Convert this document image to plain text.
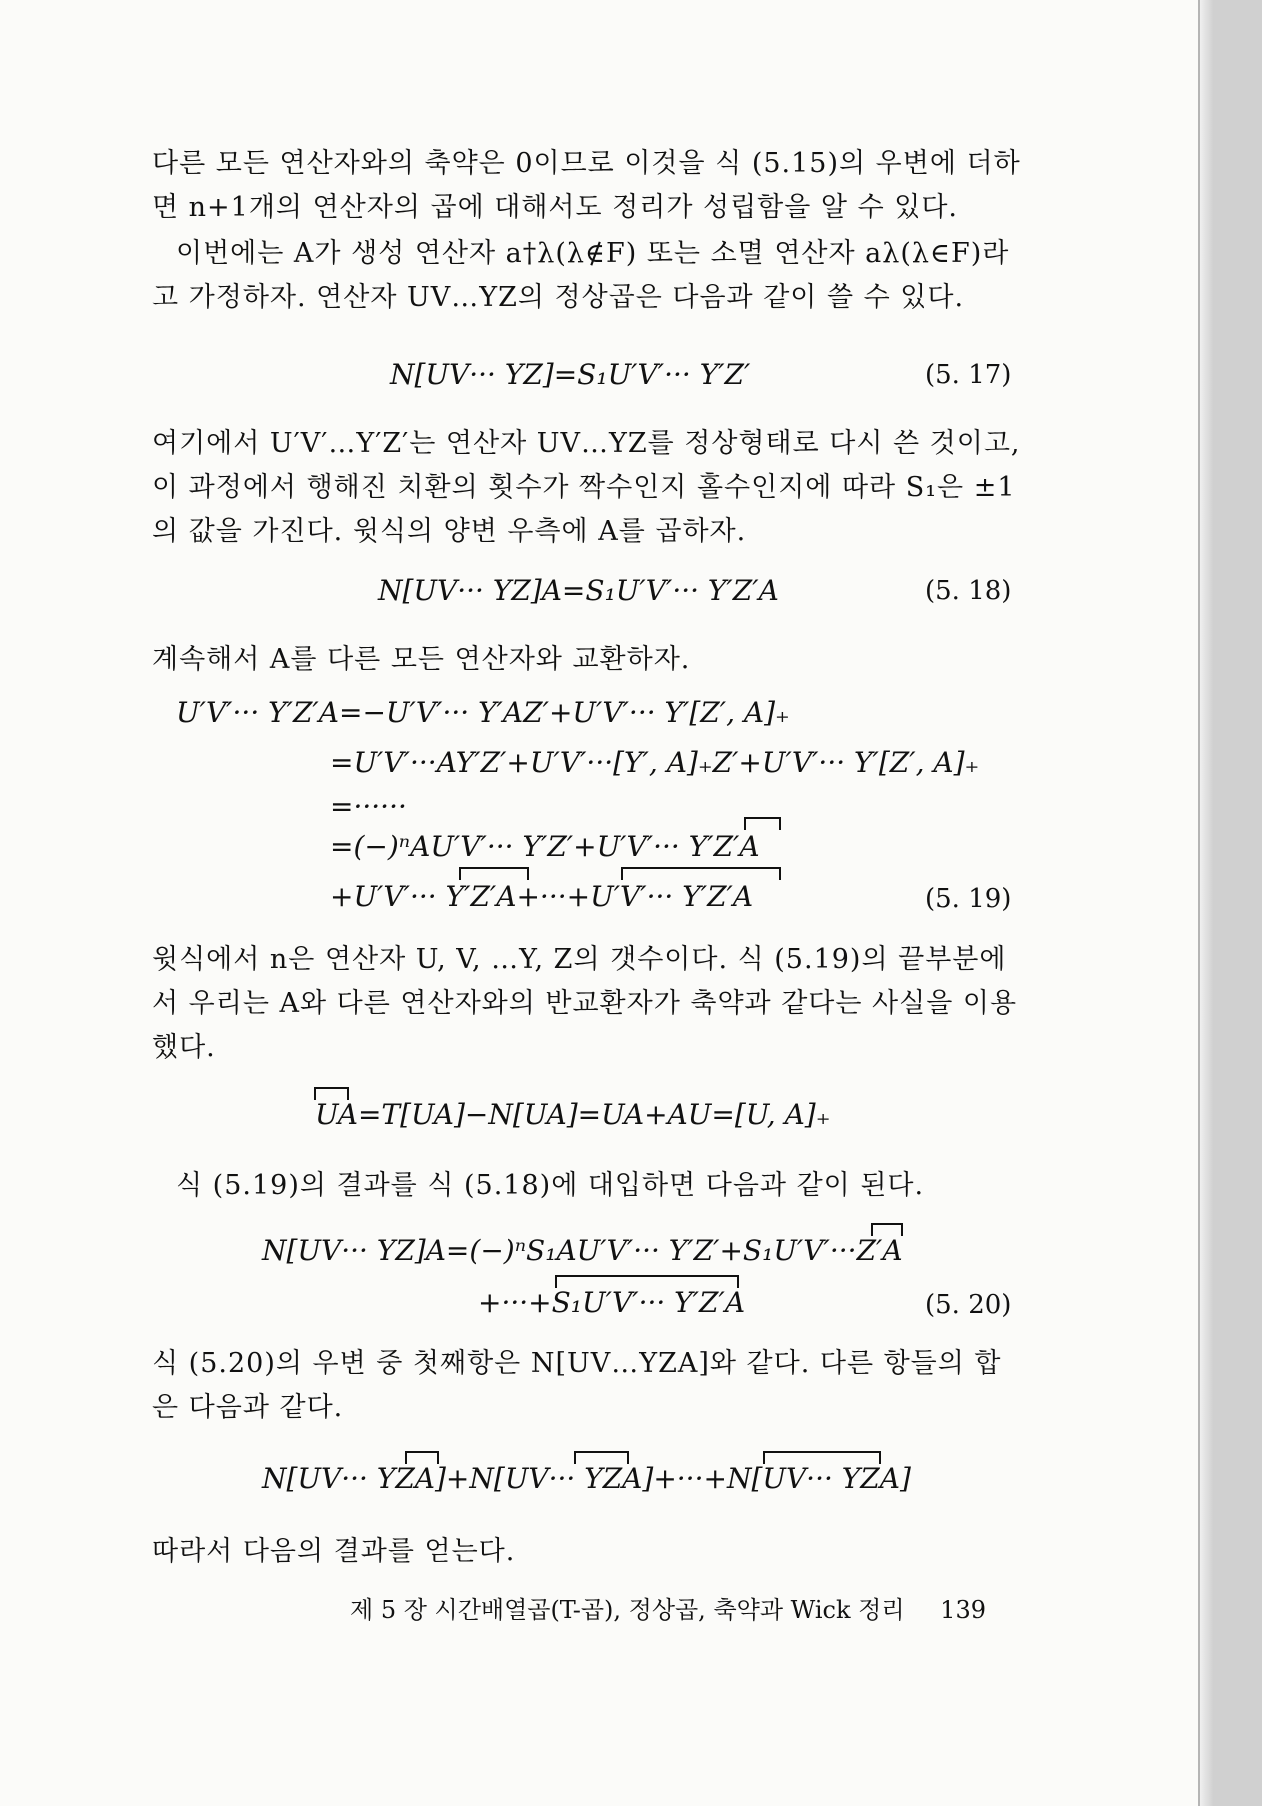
다른 모든 연산자와의 축약은 0이므로 이것을 식 (5.15)의 우변에 더하면 n+1개의 연산자의 곱에 대해서도 정리가 성립함을 알 수 있다.
이번에는 A가 생성 연산자 a†λ(λ∉F) 또는 소멸 연산자 aλ(λ∈F)라고 가정하자. 연산자 UV…YZ의 정상곱은 다음과 같이 쓸 수 있다.
N[UV··· YZ]=S₁U′V′··· Y′Z′	(5. 17)
여기에서 U′V′…Y′Z′는 연산자 UV…YZ를 정상형태로 다시 쓴 것이고, 이 과정에서 행해진 치환의 횟수가 짝수인지 홀수인지에 따라 S₁은 ±1의 값을 가진다. 윗식의 양변 우측에 A를 곱하자.
N[UV··· YZ]A=S₁U′V′··· Y′Z′A	(5. 18)
계속해서 A를 다른 모든 연산자와 교환하자.
U′V′··· Y′Z′A=−U′V′··· Y′AZ′+U′V′··· Y′[Z′, A]₊
=U′V′···AY′Z′+U′V′···[Y′, A]₊Z′+U′V′··· Y′[Z′, A]₊
=······
=(−)ⁿAU′V′··· Y′Z′+U′V′··· Y′Z′A
+U′V′··· Y′Z′A+···+U′V′··· Y′Z′A	(5. 19)
윗식에서 n은 연산자 U, V, …Y, Z의 갯수이다. 식 (5.19)의 끝부분에서 우리는 A와 다른 연산자와의 반교환자가 축약과 같다는 사실을 이용했다.
UA=T[UA]−N[UA]=UA+AU=[U, A]₊
식 (5.19)의 결과를 식 (5.18)에 대입하면 다음과 같이 된다.
N[UV··· YZ]A=(−)ⁿS₁AU′V′··· Y′Z′+S₁U′V′···Z′A
+···+S₁U′V′··· Y′Z′A	(5. 20)
식 (5.20)의 우변 중 첫째항은 N[UV…YZA]와 같다. 다른 항들의 합은 다음과 같다.
N[UV··· YZA]+N[UV··· YZA]+···+N[UV··· YZA]
따라서 다음의 결과를 얻는다.
제 5 장 시간배열곱(T-곱), 정상곱, 축약과 Wick 정리 139
